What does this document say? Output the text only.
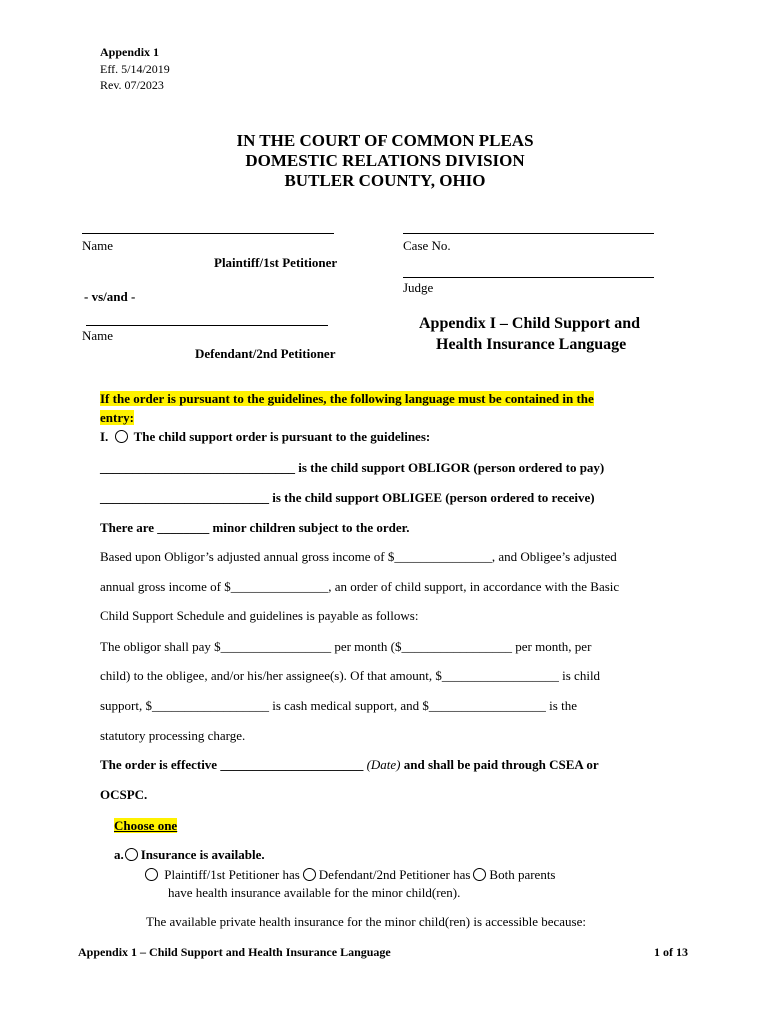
Appendix 1
Eff. 5/14/2019
Rev. 07/2023
IN THE COURT OF COMMON PLEAS
DOMESTIC RELATIONS DIVISION
BUTLER COUNTY, OHIO
Name
Plaintiff/1st Petitioner
- vs/and -
Name
Defendant/2nd Petitioner
Case No.
Judge
Appendix I – Child Support and
Health Insurance Language
If the order is pursuant to the guidelines, the following language must be contained in the
entry:
I. The child support order is pursuant to the guidelines:
______________________________ is the child support OBLIGOR (person ordered to pay)
__________________________ is the child support OBLIGEE (person ordered to receive)
There are ________ minor children subject to the order.
Based upon Obligor’s adjusted annual gross income of $_______________, and Obligee’s adjusted
annual gross income of $_______________, an order of child support, in accordance with the Basic
Child Support Schedule and guidelines is payable as follows:
The obligor shall pay $_________________ per month ($_________________ per month, per
child) to the obligee, and/or his/her assignee(s). Of that amount, $__________________ is child
support, $__________________ is cash medical support, and $__________________ is the
statutory processing charge.
The order is effective ______________________ (Date) and shall be paid through CSEA or
OCSPC.
Choose one
a. Insurance is available.
Plaintiff/1st Petitioner has Defendant/2nd Petitioner has Both parents
have health insurance available for the minor child(ren).
The available private health insurance for the minor child(ren) is accessible because:
Appendix 1 – Child Support and Health Insurance Language	1 of 13
